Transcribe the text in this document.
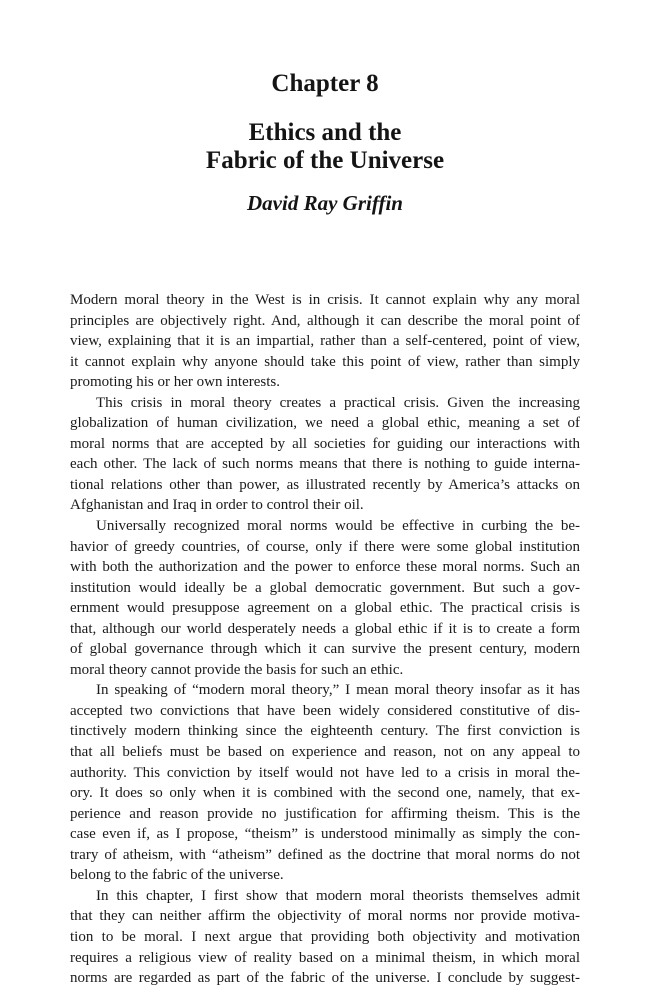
Chapter 8
Ethics and the
Fabric of the Universe
David Ray Griffin
Modern moral theory in the West is in crisis. It cannot explain why any moral
principles are objectively right. And, although it can describe the moral point of
view, explaining that it is an impartial, rather than a self-centered, point of view,
it cannot explain why anyone should take this point of view, rather than simply
promoting his or her own interests.
This crisis in moral theory creates a practical crisis. Given the increasing
globalization of human civilization, we need a global ethic, meaning a set of
moral norms that are accepted by all societies for guiding our interactions with
each other. The lack of such norms means that there is nothing to guide interna-
tional relations other than power, as illustrated recently by America’s attacks on
Afghanistan and Iraq in order to control their oil.
Universally recognized moral norms would be effective in curbing the be-
havior of greedy countries, of course, only if there were some global institution
with both the authorization and the power to enforce these moral norms. Such an
institution would ideally be a global democratic government. But such a gov-
ernment would presuppose agreement on a global ethic. The practical crisis is
that, although our world desperately needs a global ethic if it is to create a form
of global governance through which it can survive the present century, modern
moral theory cannot provide the basis for such an ethic.
In speaking of “modern moral theory,” I mean moral theory insofar as it has
accepted two convictions that have been widely considered constitutive of dis-
tinctively modern thinking since the eighteenth century. The first conviction is
that all beliefs must be based on experience and reason, not on any appeal to
authority. This conviction by itself would not have led to a crisis in moral the-
ory. It does so only when it is combined with the second one, namely, that ex-
perience and reason provide no justification for affirming theism. This is the
case even if, as I propose, “theism” is understood minimally as simply the con-
trary of atheism, with “atheism” defined as the doctrine that moral norms do not
belong to the fabric of the universe.
In this chapter, I first show that modern moral theorists themselves admit
that they can neither affirm the objectivity of moral norms nor provide motiva-
tion to be moral. I next argue that providing both objectivity and motivation
requires a religious view of reality based on a minimal theism, in which moral
norms are regarded as part of the fabric of the universe. I conclude by suggest-
